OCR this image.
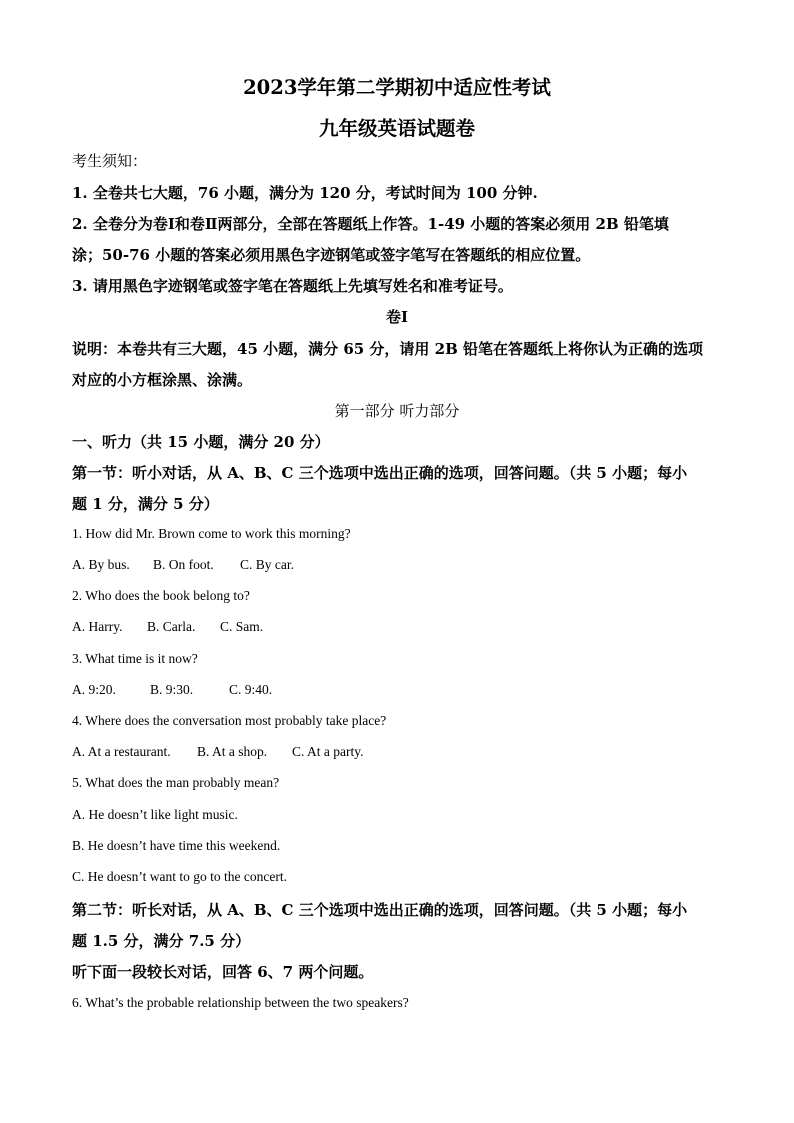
2023学年第二学期初中适应性考试
九年级英语试题卷
考生须知：
1. 全卷共七大题，76 小题，满分为 120 分，考试时间为 100 分钟.
2. 全卷分为卷Ⅰ和卷Ⅱ两部分，全部在答题纸上作答。1-49 小题的答案必须用 2B 铅笔填
涂；50-76 小题的答案必须用黑色字迹钢笔或签字笔写在答题纸的相应位置。
3. 请用黑色字迹钢笔或签字笔在答题纸上先填写姓名和准考证号。
卷Ⅰ
说明：本卷共有三大题，45 小题，满分 65 分，请用 2B 铅笔在答题纸上将你认为正确的选项
对应的小方框涂黑、涂满。
第一部分 听力部分
一、听力（共 15 小题，满分 20 分）
第一节：听小对话，从 A、B、C 三个选项中选出正确的选项，回答问题。（共 5 小题；每小
题 1 分，满分 5 分）
1. How did Mr. Brown come to work this morning?
A. By bus. B. On foot. C. By car.
2. Who does the book belong to?
A. Harry. B. Carla. C. Sam.
3. What time is it now?
A. 9:20.	B. 9:30.	C. 9:40.
4. Where does the conversation most probably take place?
A. At a restaurant. B. At a shop. C. At a party.
5. What does the man probably mean?
A. He doesn’t like light music.
B. He doesn’t have time this weekend.
C. He doesn’t want to go to the concert.
第二节：听长对话，从 A、B、C 三个选项中选出正确的选项，回答问题。（共 5 小题；每小
题 1.5 分，满分 7.5 分）
听下面一段较长对话，回答 6、7 两个问题。
6. What’s the probable relationship between the two speakers?
